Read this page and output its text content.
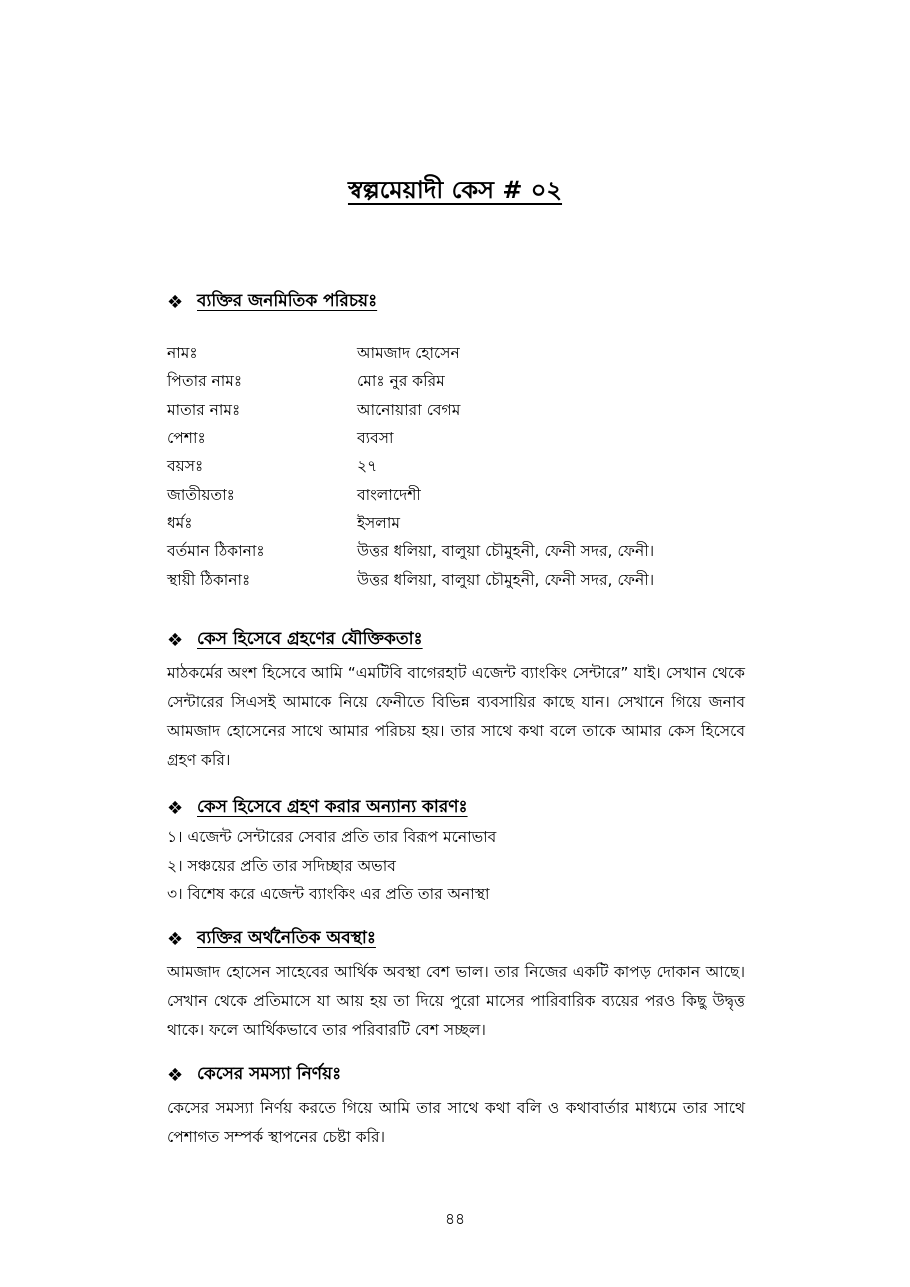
স্বল্পমেয়াদী কেস # ০২
❖ ব্যক্তির জনমিতিক পরিচয়ঃ
নামঃ	আমজাদ হোসেন
পিতার নামঃ	মোঃ নুর করিম
মাতার নামঃ	আনোয়ারা বেগম
পেশাঃ	ব্যবসা
বয়সঃ	২৭
জাতীয়তাঃ	বাংলাদেশী
ধর্মঃ	ইসলাম
বর্তমান ঠিকানাঃ	উত্তর ধলিয়া, বালুয়া চৌমুহনী, ফেনী সদর, ফেনী।
স্থায়ী ঠিকানাঃ	উত্তর ধলিয়া, বালুয়া চৌমুহনী, ফেনী সদর, ফেনী।
❖ কেস হিসেবে গ্রহণের যৌক্তিকতাঃ

মাঠকর্মের অংশ হিসেবে আমি “এমটিবি বাগেরহাট এজেন্ট ব্যাংকিং সেন্টারে” যাই। সেখান থেকে সেন্টারের সিএসই আমাকে নিয়ে ফেনীতে বিভিন্ন ব্যবসায়ির কাছে যান। সেখানে গিয়ে জনাব আমজাদ হোসেনের সাথে আমার পরিচয় হয়। তার সাথে কথা বলে তাকে আমার কেস হিসেবে গ্রহণ করি।

❖ কেস হিসেবে গ্রহণ করার অন্যান্য কারণঃ
১। এজেন্ট সেন্টারের সেবার প্রতি তার বিরূপ মনোভাব
২। সঞ্চয়ের প্রতি তার সদিচ্ছার অভাব
৩। বিশেষ করে এজেন্ট ব্যাংকিং এর প্রতি তার অনাস্থা
❖ ব্যক্তির অর্থনৈতিক অবস্থাঃ

আমজাদ হোসেন সাহেবের আর্থিক অবস্থা বেশ ভাল। তার নিজের একটি কাপড় দোকান আছে। সেখান থেকে প্রতিমাসে যা আয় হয় তা দিয়ে পুরো মাসের পারিবারিক ব্যয়ের পরও কিছু উদ্বৃত্ত থাকে। ফলে আর্থিকভাবে তার পরিবারটি বেশ সচ্ছল।

❖ কেসের সমস্যা নির্ণয়ঃ

কেসের সমস্যা নির্ণয় করতে গিয়ে আমি তার সাথে কথা বলি ও কথাবার্তার মাধ্যমে তার সাথে পেশাগত সম্পর্ক স্থাপনের চেষ্টা করি।

৪৪
